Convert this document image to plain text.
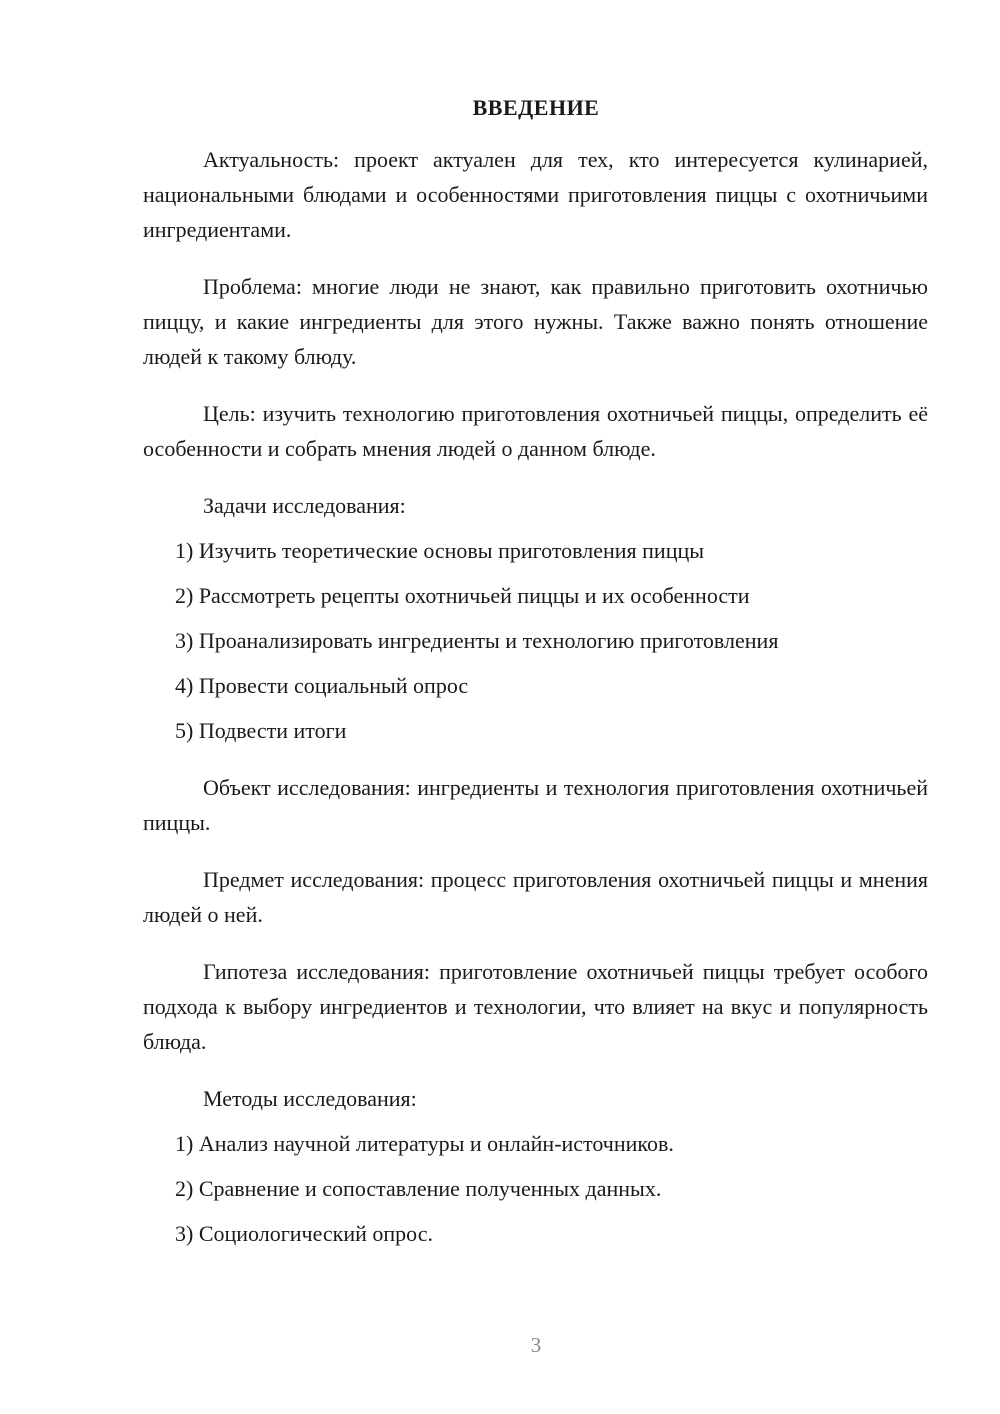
ВВЕДЕНИЕ

Актуальность: проект актуален для тех, кто интересуется кулинарией, национальными блюдами и особенностями приготовления пиццы с охотничьими ингредиентами.

Проблема: многие люди не знают, как правильно приготовить охотничью пиццу, и какие ингредиенты для этого нужны. Также важно понять отношение людей к такому блюду.

Цель: изучить технологию приготовления охотничьей пиццы, определить её особенности и собрать мнения людей о данном блюде.

Задачи исследования:

1) Изучить теоретические основы приготовления пиццы
2) Рассмотреть рецепты охотничьей пиццы и их особенности
3) Проанализировать ингредиенты и технологию приготовления
4) Провести социальный опрос
5) Подвести итоги

Объект исследования: ингредиенты и технология приготовления охотничьей пиццы.

Предмет исследования: процесс приготовления охотничьей пиццы и мнения людей о ней.

Гипотеза исследования: приготовление охотничьей пиццы требует особого подхода к выбору ингредиентов и технологии, что влияет на вкус и популярность блюда.

Методы исследования:

1) Анализ научной литературы и онлайн-источников.
2) Сравнение и сопоставление полученных данных.
3) Социологический опрос.
3
